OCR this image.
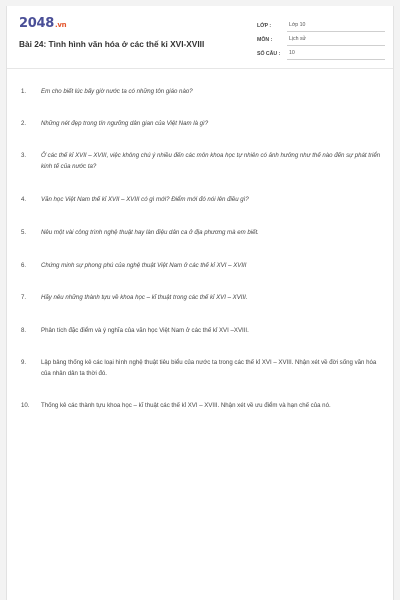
2048.vn
Bài 24: Tình hình văn hóa ở các thế kỉ XVI-XVIII
LỚP :	Lớp 10
MÔN :	Lịch sử
SỐ CÂU :	10
1.	Em cho biết lúc bấy giờ nước ta có những tôn giáo nào?
2.	Những nét đẹp trong tín ngưỡng dân gian của Việt Nam là gì?
3.	Ở các thế kỉ XVII – XVIII, việc không chú ý nhiều đến các môn khoa học tự nhiên có ảnh hưởng như thế nào đến sự phát triển kinh tế của nước ta?
4.	Văn học Việt Nam thế kỉ XVII – XVIII có gì mới? Điểm mới đó nói lên điều gì?
5.	Nêu một vài công trình nghệ thuật hay làn điệu dân ca ở địa phương mà em biết.
6.	Chứng minh sự phong phú của nghệ thuật Việt Nam ở các thế kỉ XVI – XVIII
7.	Hãy nêu những thành tựu về khoa học – kĩ thuật trong các thế kỉ XVI – XVIII.
8.	Phân tích đặc điểm và ý nghĩa của văn học Việt Nam ở các thế kỉ XVI –XVIII.
9.	Lập bảng thống kê các loại hình nghệ thuật tiêu biểu của nước ta trong các thế kỉ XVI – XVIII. Nhận xét về đời sống văn hóa của nhân dân ta thời đó.
10.	Thống kê các thành tựu khoa học – kĩ thuật các thế kỉ XVI – XVIII. Nhận xét về ưu điểm và hạn chế của nó.
